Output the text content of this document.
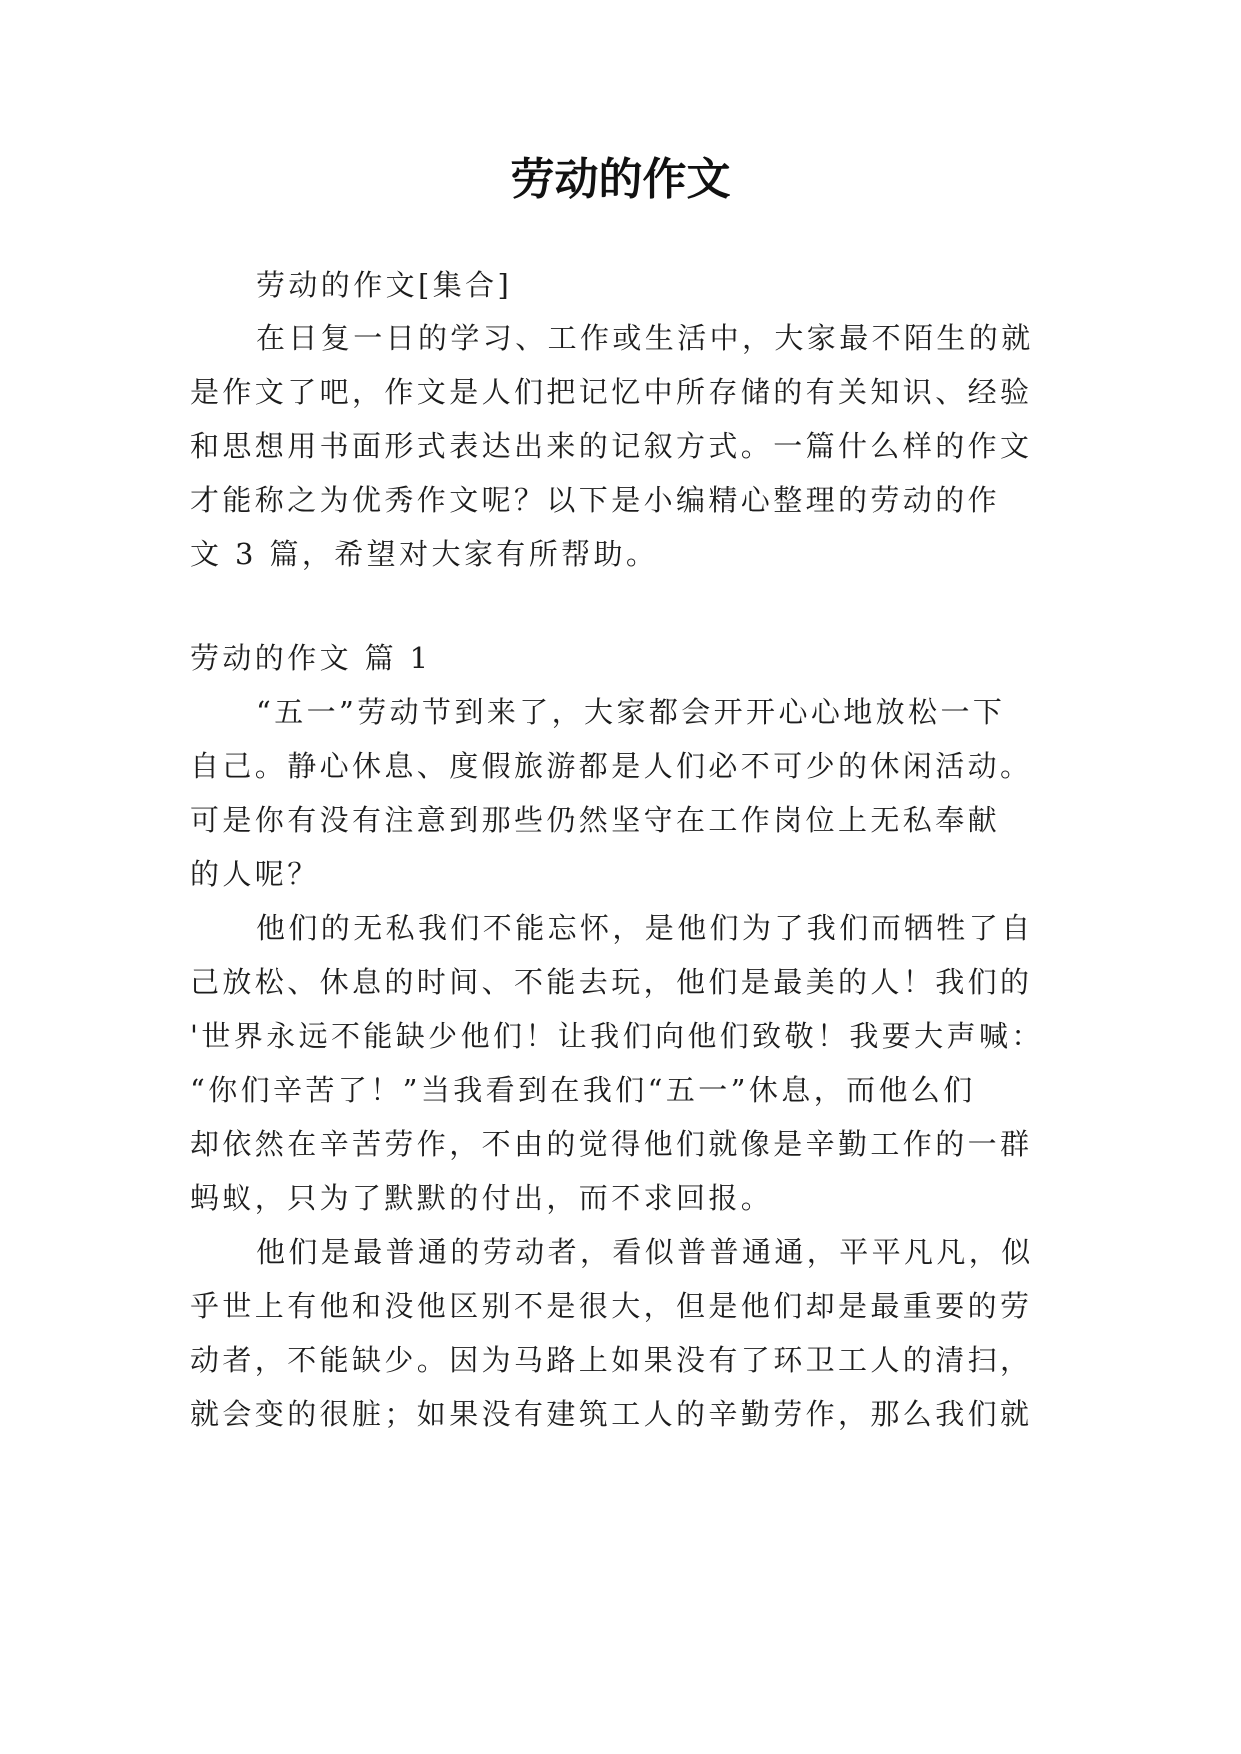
劳动的作文

劳动的作文[集合]

在日复一日的学习、工作或生活中，大家最不陌生的就

是作文了吧，作文是人们把记忆中所存储的有关知识、经验

和思想用书面形式表达出来的记叙方式。一篇什么样的作文

才能称之为优秀作文呢？以下是小编精心整理的劳动的作

文 3 篇，希望对大家有所帮助。

劳动的作文 篇 1

“五一”劳动节到来了，大家都会开开心心地放松一下

自己。静心休息、度假旅游都是人们必不可少的休闲活动。

可是你有没有注意到那些仍然坚守在工作岗位上无私奉献

的人呢？

他们的无私我们不能忘怀，是他们为了我们而牺牲了自

己放松、休息的时间、不能去玩，他们是最美的人！我们的

'世界永远不能缺少他们！让我们向他们致敬！我要大声喊：

“你们辛苦了！”当我看到在我们“五一”休息，而他么们

却依然在辛苦劳作，不由的觉得他们就像是辛勤工作的一群

蚂蚁，只为了默默的付出，而不求回报。

他们是最普通的劳动者，看似普普通通，平平凡凡，似

乎世上有他和没他区别不是很大，但是他们却是最重要的劳

动者，不能缺少。因为马路上如果没有了环卫工人的清扫，

就会变的很脏；如果没有建筑工人的辛勤劳作，那么我们就
